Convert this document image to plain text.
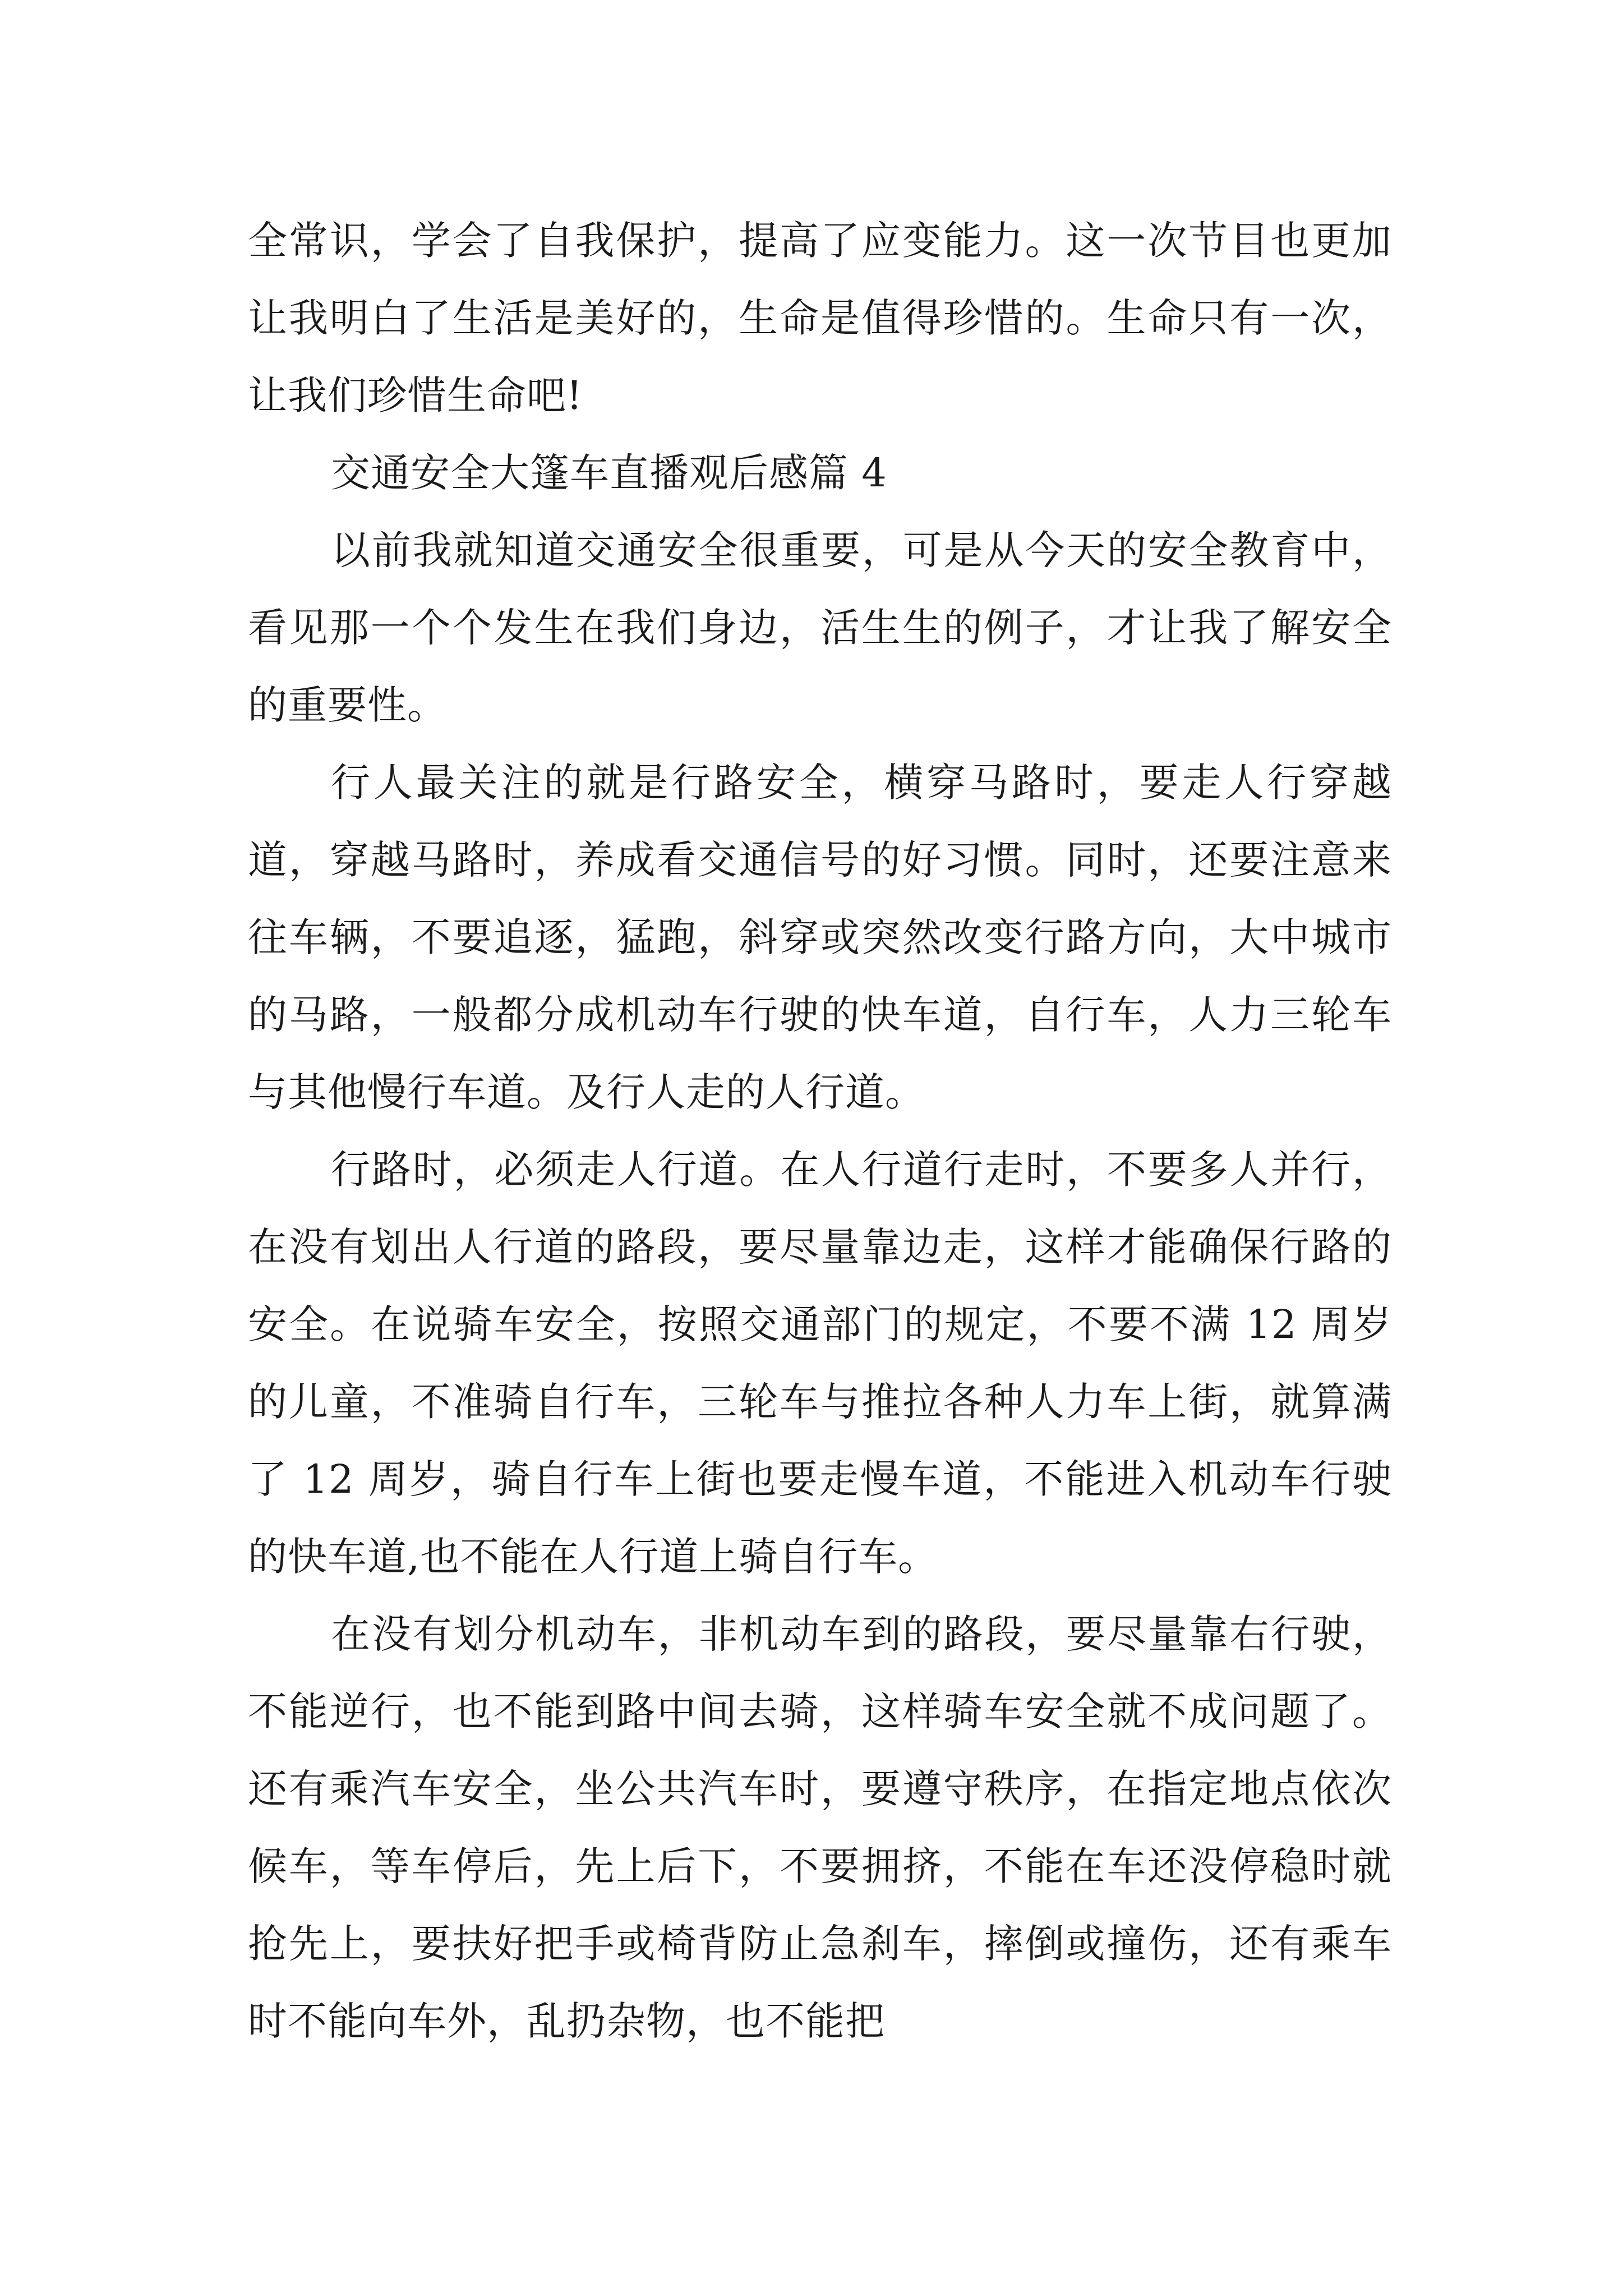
全常识，学会了自我保护，提高了应变能力。这一次节目也更加让我明白了生活是美好的，生命是值得珍惜的。生命只有一次，让我们珍惜生命吧!

交通安全大篷车直播观后感篇 4

以前我就知道交通安全很重要，可是从今天的安全教育中，看见那一个个发生在我们身边，活生生的例子，才让我了解安全的重要性。

行人最关注的就是行路安全，横穿马路时，要走人行穿越道，穿越马路时，养成看交通信号的好习惯。同时，还要注意来往车辆，不要追逐，猛跑，斜穿或突然改变行路方向，大中城市的马路，一般都分成机动车行驶的快车道，自行车，人力三轮车与其他慢行车道。及行人走的人行道。

行路时，必须走人行道。在人行道行走时，不要多人并行，在没有划出人行道的路段，要尽量靠边走，这样才能确保行路的安全。在说骑车安全，按照交通部门的规定，不要不满 12 周岁的儿童，不准骑自行车，三轮车与推拉各种人力车上街，就算满了 12 周岁，骑自行车上街也要走慢车道，不能进入机动车行驶的快车道,也不能在人行道上骑自行车。

在没有划分机动车，非机动车到的路段，要尽量靠右行驶，不能逆行，也不能到路中间去骑，这样骑车安全就不成问题了。还有乘汽车安全，坐公共汽车时，要遵守秩序，在指定地点依次候车，等车停后，先上后下，不要拥挤，不能在车还没停稳时就抢先上，要扶好把手或椅背防止急刹车，摔倒或撞伤，还有乘车时不能向车外，乱扔杂物，也不能把
